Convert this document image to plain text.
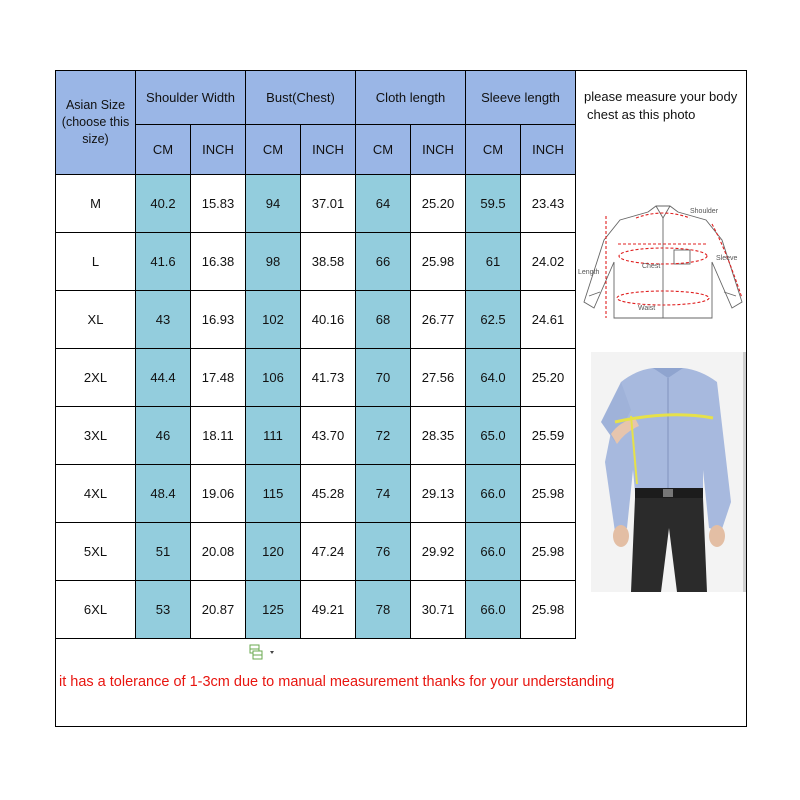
Asian Size
(choose this
size)	Shoulder Width		Bust(Chest)		Cloth length		Sleeve length	
	CM	INCH	CM	INCH	CM	INCH	CM	INCH
M	40.2	15.83	94	37.01	64	25.20	59.5	23.43
L	41.6	16.38	98	38.58	66	25.98	61	24.02
XL	43	16.93	102	40.16	68	26.77	62.5	24.61
2XL	44.4	17.48	106	41.73	70	27.56	64.0	25.20
3XL	46	18.11	111	43.70	72	28.35	65.0	25.59
4XL	48.4	19.06	115	45.28	74	29.13	66.0	25.98
5XL	51	20.08	120	47.24	76	29.92	66.0	25.98
6XL	53	20.87	125	49.21	78	30.71	66.0	25.98
please measure your body
chest as this photo
Shoulder
Sleeve
Length
Chest
Waist
it has a tolerance of 1-3cm due to manual measurement thanks for your understanding
